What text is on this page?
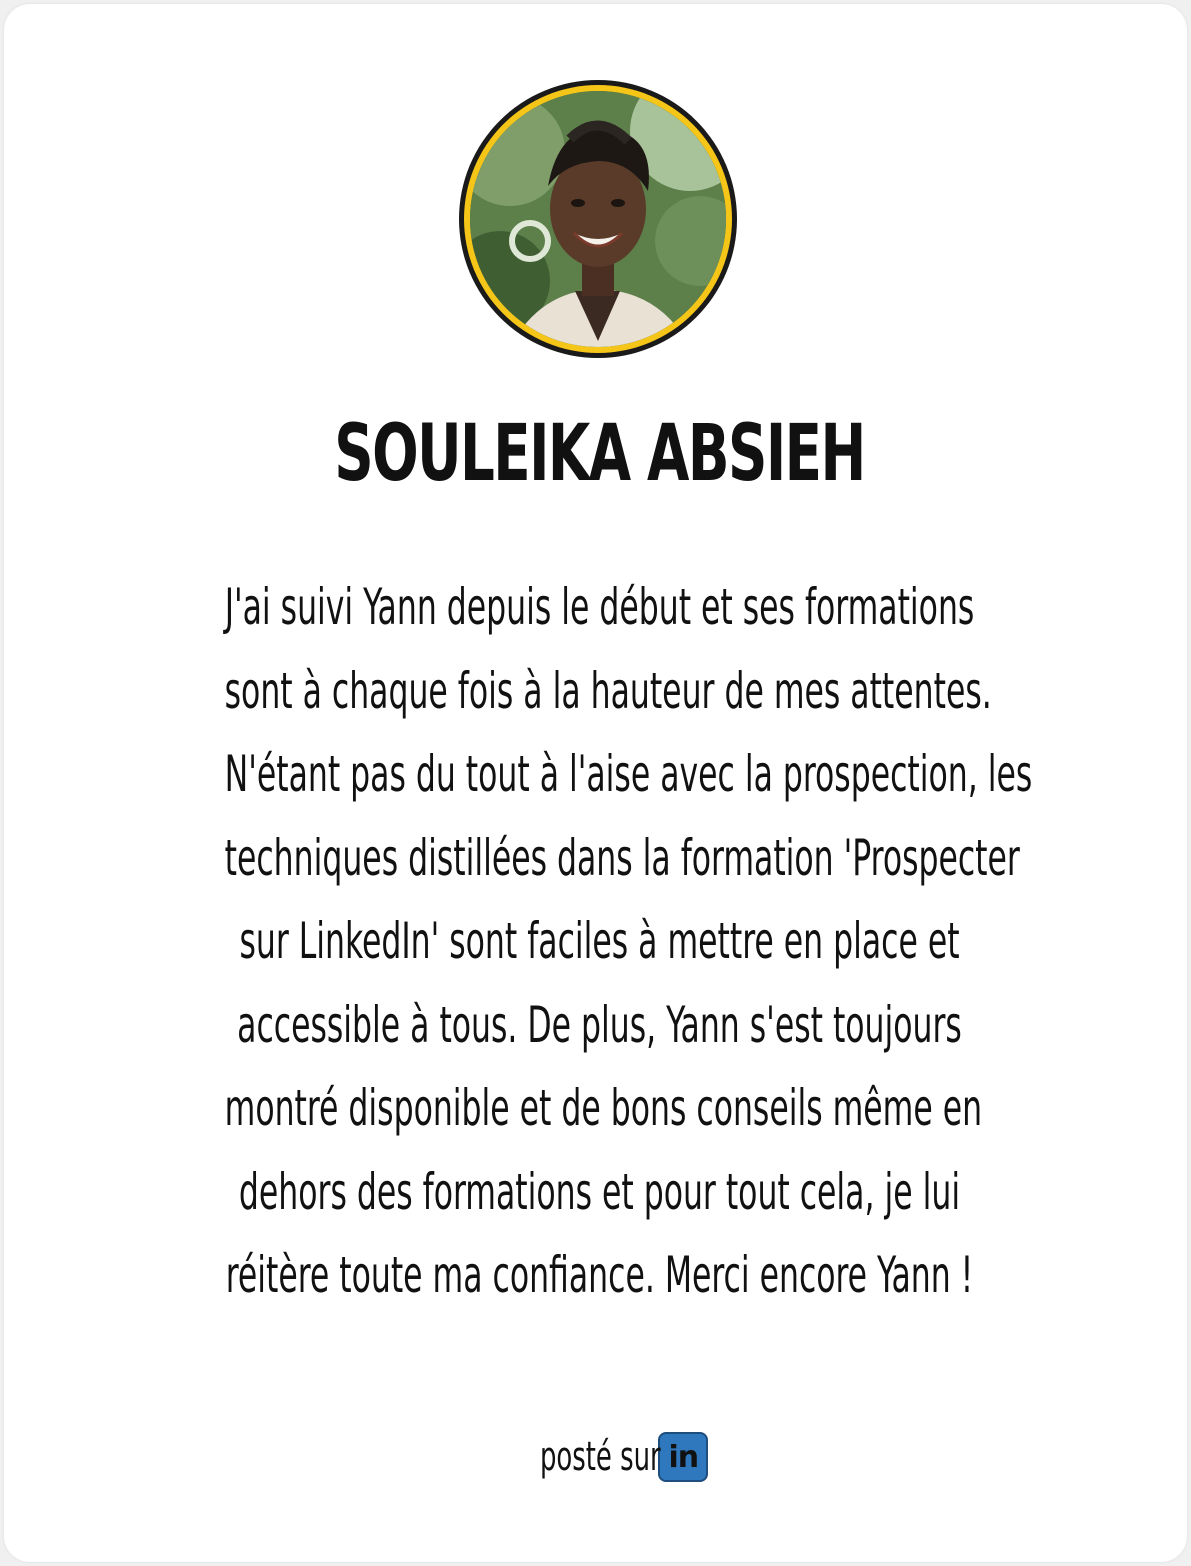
SOULEIKA ABSIEH
J'ai suivi Yann depuis le début et ses formations
sont à chaque fois à la hauteur de mes attentes.
N'étant pas du tout à l'aise avec la prospection, les
techniques distillées dans la formation 'Prospecter
sur LinkedIn' sont faciles à mettre en place et
accessible à tous. De plus, Yann s'est toujours
montré disponible et de bons conseils même en
dehors des formations et pour tout cela, je lui
réitère toute ma confiance. Merci encore Yann !
posté sur in
